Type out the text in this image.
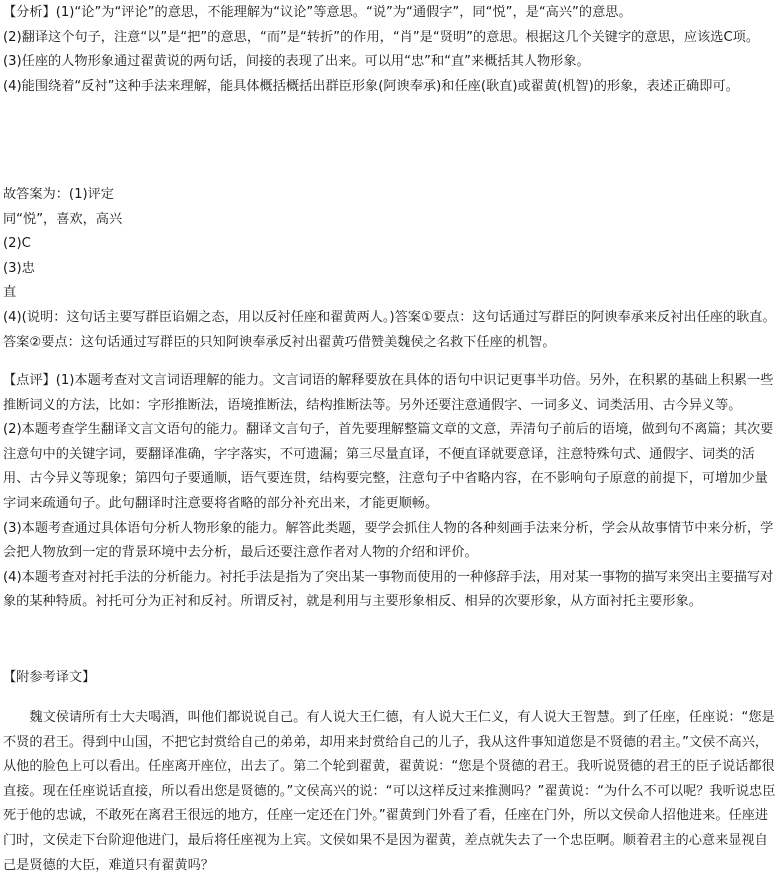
【分析】(1)“论”为“评论”的意思，不能理解为“议论”等意思。“说”为“通假字”，同“悦”，是“高兴”的意思。

(2)翻译这个句子，注意“以”是“把”的意思，“而”是“转折”的作用，“肖”是“贤明”的意思。根据这几个关键字的意思，应该选C项。

(3)任座的人物形象通过翟黄说的两句话，间接的表现了出来。可以用“忠”和“直”来概括其人物形象。

(4)能围绕着“反衬”这种手法来理解，能具体概括概括出群臣形象(阿谀奉承)和任座(耿直)或翟黄(机智)的形象，表述正确即可。

故答案为：(1)评定

同“悦”，喜欢，高兴

(2)C

(3)忠

直

(4)(说明：这句话主要写群臣谄媚之态，用以反衬任座和翟黄两人。)答案①要点：这句话通过写群臣的阿谀奉承来反衬出任座的耿直。答案②要点：这句话通过写群臣的只知阿谀奉承反衬出翟黄巧借赞美魏侯之名救下任座的机智。

【点评】(1)本题考查对文言词语理解的能力。文言词语的解释要放在具体的语句中识记更事半功倍。另外，在积累的基础上积累一些推断词义的方法，比如：字形推断法，语境推断法，结构推断法等。另外还要注意通假字、一词多义、词类活用、古今异义等。

(2)本题考查学生翻译文言文语句的能力。翻译文言句子，首先要理解整篇文章的文意，弄清句子前后的语境，做到句不离篇；其次要注意句中的关键字词，要翻译准确，字字落实，不可遗漏；第三尽量直译，不便直译就要意译，注意特殊句式、通假字、词类的活用、古今异义等现象；第四句子要通顺，语气要连贯，结构要完整，注意句子中省略内容，在不影响句子原意的前提下，可增加少量字词来疏通句子。此句翻译时注意要将省略的部分补充出来，才能更顺畅。

(3)本题考查通过具体语句分析人物形象的能力。解答此类题，要学会抓住人物的各种刻画手法来分析，学会从故事情节中来分析，学会把人物放到一定的背景环境中去分析，最后还要注意作者对人物的介绍和评价。

(4)本题考查对衬托手法的分析能力。衬托手法是指为了突出某一事物而使用的一种修辞手法，用对某一事物的描写来突出主要描写对象的某种特质。衬托可分为正衬和反衬。所谓反衬，就是利用与主要形象相反、相异的次要形象，从方面衬托主要形象。

【附参考译文】

魏文侯请所有士大夫喝酒，叫他们都说说自己。有人说大王仁德，有人说大王仁义，有人说大王智慧。到了任座，任座说：“您是不贤的君王。得到中山国，不把它封赏给自己的弟弟，却用来封赏给自己的儿子，我从这件事知道您是不贤德的君主。”文侯不高兴，从他的脸色上可以看出。任座离开座位，出去了。第二个轮到翟黄，翟黄说：“您是个贤德的君王。我听说贤德的君王的臣子说话都很直接。现在任座说话直接，所以看出您是贤德的。”文侯高兴的说：“可以这样反过来推测吗？”翟黄说：“为什么不可以呢？我听说忠臣死于他的忠诚，不敢死在离君王很远的地方，任座一定还在门外。”翟黄到门外看了看，任座在门外，所以文侯命人招他进来。任座进门时，文侯走下台阶迎他进门，最后将任座视为上宾。文侯如果不是因为翟黄，差点就失去了一个忠臣啊。顺着君主的心意来显视自己是贤德的大臣，难道只有翟黄吗？
